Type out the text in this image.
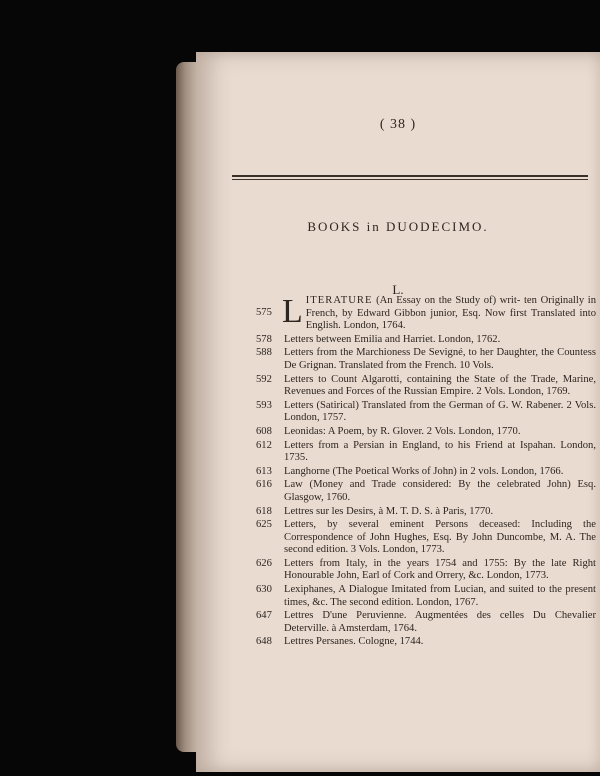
( 38 )
BOOKS in DUODECIMO.
L.
575 LITERATURE (An Essay on the Study of) writ- ten Originally in French, by Edward Gibbon junior, Esq. Now first Translated into English. London, 1764.
578 Letters between Emilia and Harriet. London, 1762.
588 Letters from the Marchioness De Sevigné, to her Daughter, the Countess De Grignan. Translated from the French. 10 Vols.
592 Letters to Count Algarotti, containing the State of the Trade, Marine, Revenues and Forces of the Russian Empire. 2 Vols. London, 1769.
593 Letters (Satirical) Translated from the German of G. W. Rabener. 2 Vols. London, 1757.
608 Leonidas: A Poem, by R. Glover. 2 Vols. London, 1770.
612 Letters from a Persian in England, to his Friend at Ispahan. London, 1735.
613 Langhorne (The Poetical Works of John) in 2 vols. London, 1766.
616 Law (Money and Trade considered: By the celebrated John) Esq. Glasgow, 1760.
618 Lettres sur les Desirs, à M. T. D. S. à Paris, 1770.
625 Letters, by several eminent Persons deceased: Including the Correspondence of John Hughes, Esq. By John Duncombe, M. A. The second edition. 3 Vols. London, 1773.
626 Letters from Italy, in the years 1754 and 1755: By the late Right Honourable John, Earl of Cork and Orrery, &c. London, 1773.
630 Lexiphanes, A Dialogue Imitated from Lucian, and suited to the present times, &c. The second edition. London, 1767.
647 Lettres D'une Peruvienne. Augmentées des celles Du Chevalier Deterville. à Amsterdam, 1764.
648 Lettres Persanes. Cologne, 1744.
